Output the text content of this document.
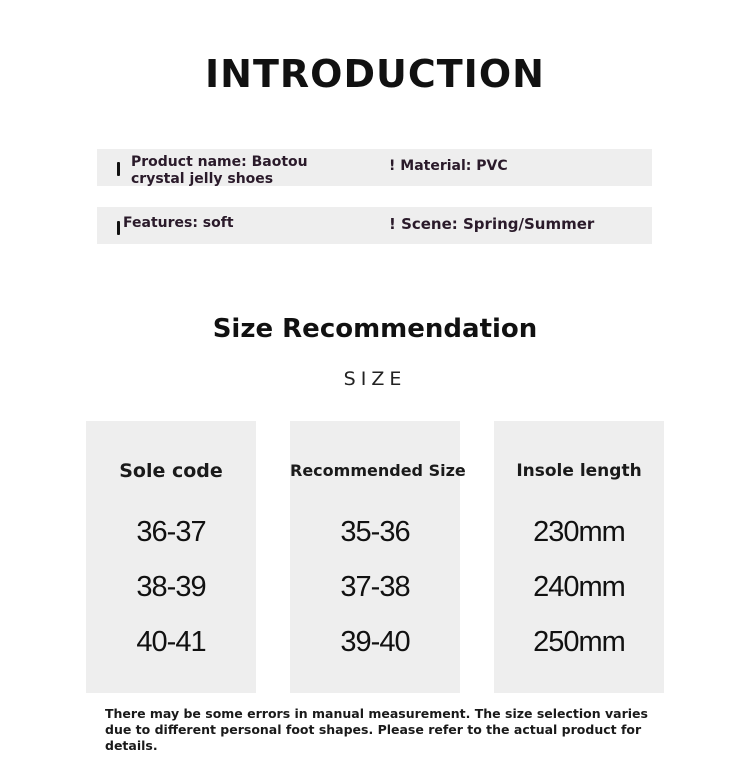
INTRODUCTION
Product name: Baotou crystal jelly shoes
! Material: PVC
Features: soft	! Scene: Spring/Summer
Size Recommendation
SIZE
Sole code
36-37
38-39
40-41
Recommended Size
35-36
37-38
39-40
Insole length
230mm
240mm
250mm
There may be some errors in manual measurement. The size selection varies due to different personal foot shapes. Please refer to the actual product for details.
